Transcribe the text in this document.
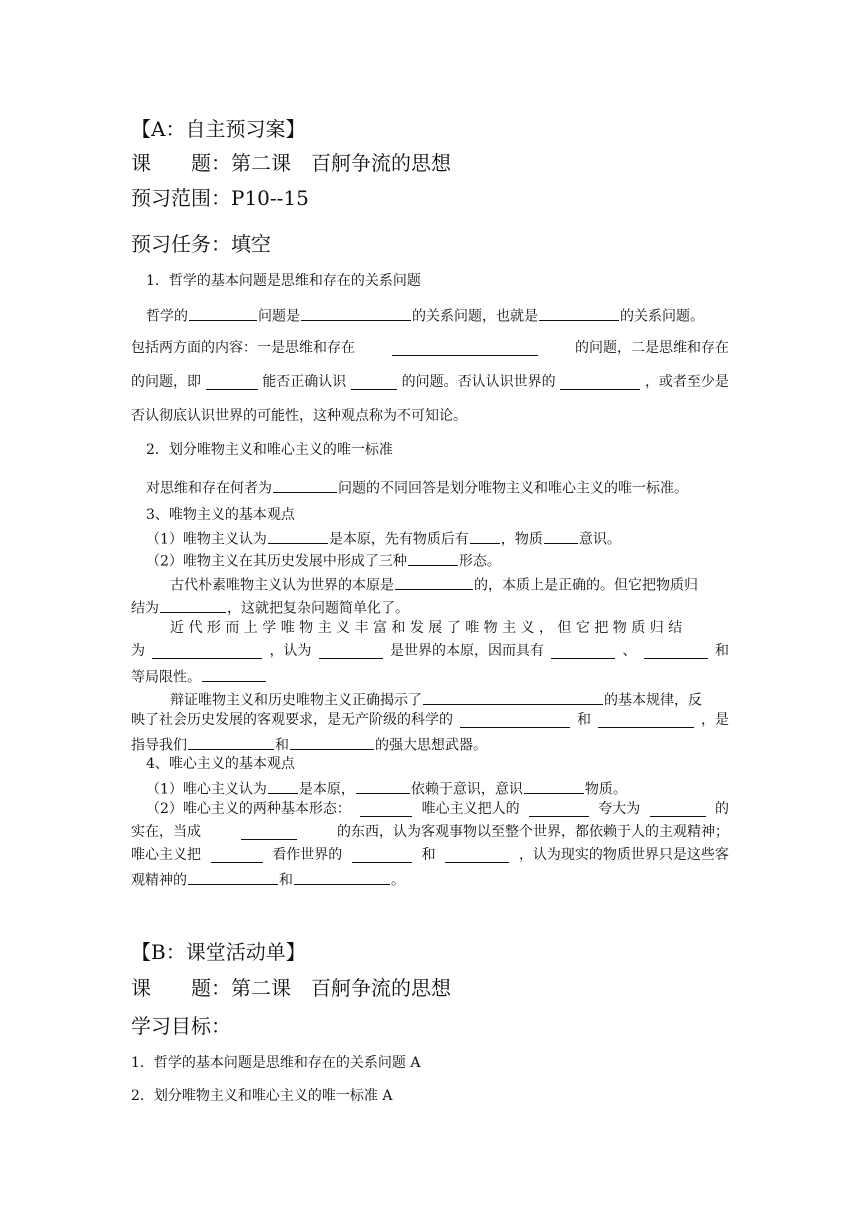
【A：自主预习案】
课　　题：第二课　百舸争流的思想
预习范围：P10--15
预习任务：填空
1．哲学的基本问题是思维和存在的关系问题
哲学的	问题是	的关系问题，也就是	的关系问题。
包括两方面的内容：一是思维和存在	的问题，二是思维和存在
的问题，即	能否正确认识	的问题。否认认识世界的	，或者至少是
否认彻底认识世界的可能性，这种观点称为不可知论。
2．划分唯物主义和唯心主义的唯一标准
对思维和存在何者为	问题的不同回答是划分唯物主义和唯心主义的唯一标准。
3、唯物主义的基本观点
（1）唯物主义认为	是本原，先有物质后有 ，物质	意识。
（2）唯物主义在其历史发展中形成了三种	形态。
古代朴素唯物主义认为世界的本原是	的，本质上是正确的。但它把物质归
结为	，这就把复杂问题简单化了。
近 代 形 而 上 学 唯 物 主 义 丰 富 和 发 展 了 唯 物 主 义 ， 但 它 把 物 质 归 结
为	，认为	是世界的本原，因而具有	、	和
等局限性。
辩证唯物主义和历史唯物主义正确揭示了	的基本规律，反
映了社会历史发展的客观要求，是无产阶级的科学的	和	，是
指导我们	和	的强大思想武器。
4、唯心主义的基本观点
（1）唯心主义认为 是本原，	依赖于意识，意识	物质。
（2）唯心主义的两种基本形态：	唯心主义把人的	夸大为	的
实在，当成	的东西，认为客观事物以至整个世界，都依赖于人的主观精神；
唯心主义把	看作世界的	和	，认为现实的物质世界只是这些客
观精神的	和	。
【B：课堂活动单】
课　　题：第二课　百舸争流的思想
学习目标：
1．哲学的基本问题是思维和存在的关系问题 A
2．划分唯物主义和唯心主义的唯一标准 A
